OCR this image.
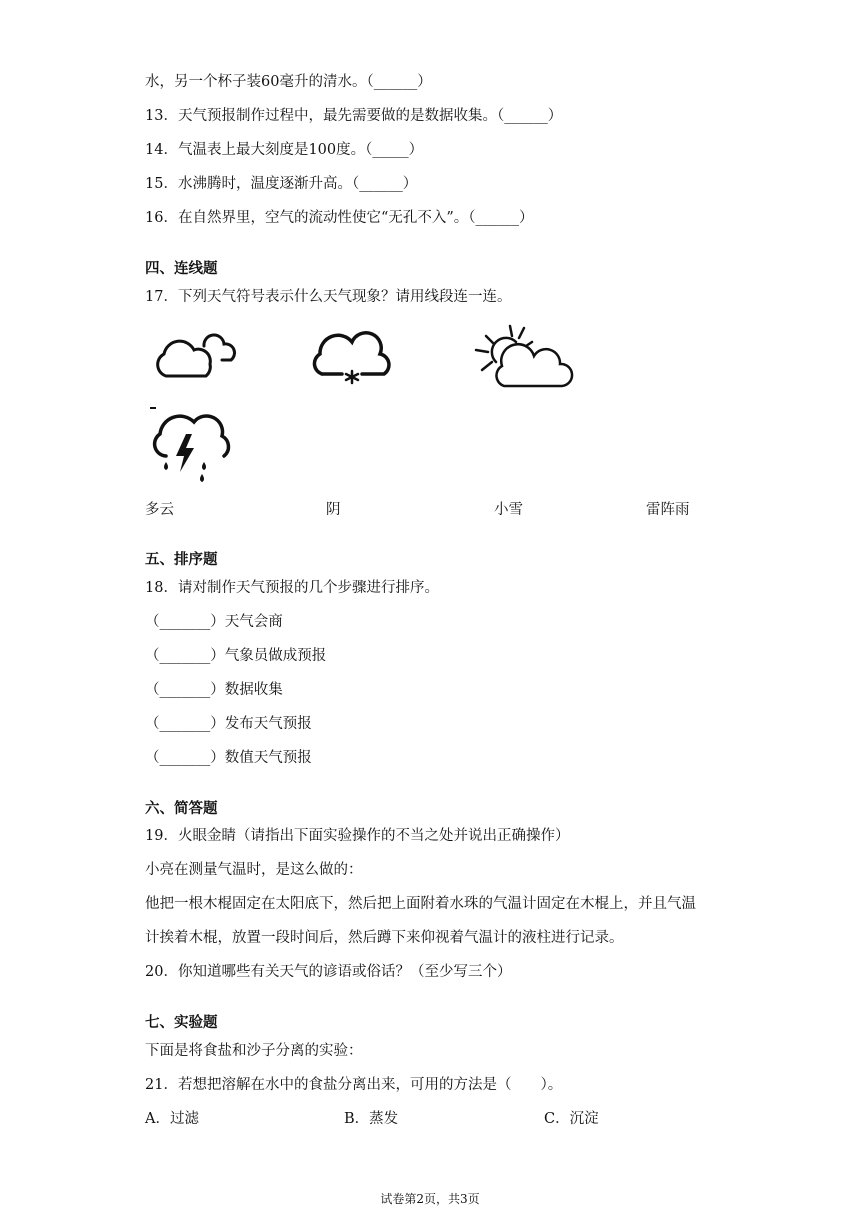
水，另一个杯子装60毫升的清水。（______）
13．天气预报制作过程中，最先需要做的是数据收集。（______）
14．气温表上最大刻度是100度。（_____）
15．水沸腾时，温度逐渐升高。（______）
16．在自然界里，空气的流动性使它“无孔不入”。（______）
四、连线题
17．下列天气符号表示什么天气现象？请用线段连一连。
多云	阴	小雪	雷阵雨
五、排序题
18．请对制作天气预报的几个步骤进行排序。
（_______）天气会商
（_______）气象员做成预报
（_______）数据收集
（_______）发布天气预报
（_______）数值天气预报
六、简答题
19．火眼金睛（请指出下面实验操作的不当之处并说出正确操作）
小亮在测量气温时，是这么做的：
他把一根木棍固定在太阳底下，然后把上面附着水珠的气温计固定在木棍上，并且气温
计挨着木棍，放置一段时间后，然后蹲下来仰视着气温计的液柱进行记录。
20．你知道哪些有关天气的谚语或俗话？（至少写三个）
七、实验题
下面是将食盐和沙子分离的实验：
21．若想把溶解在水中的食盐分离出来，可用的方法是（　　）。
A．过滤	B．蒸发	C．沉淀
试卷第2页，共3页
